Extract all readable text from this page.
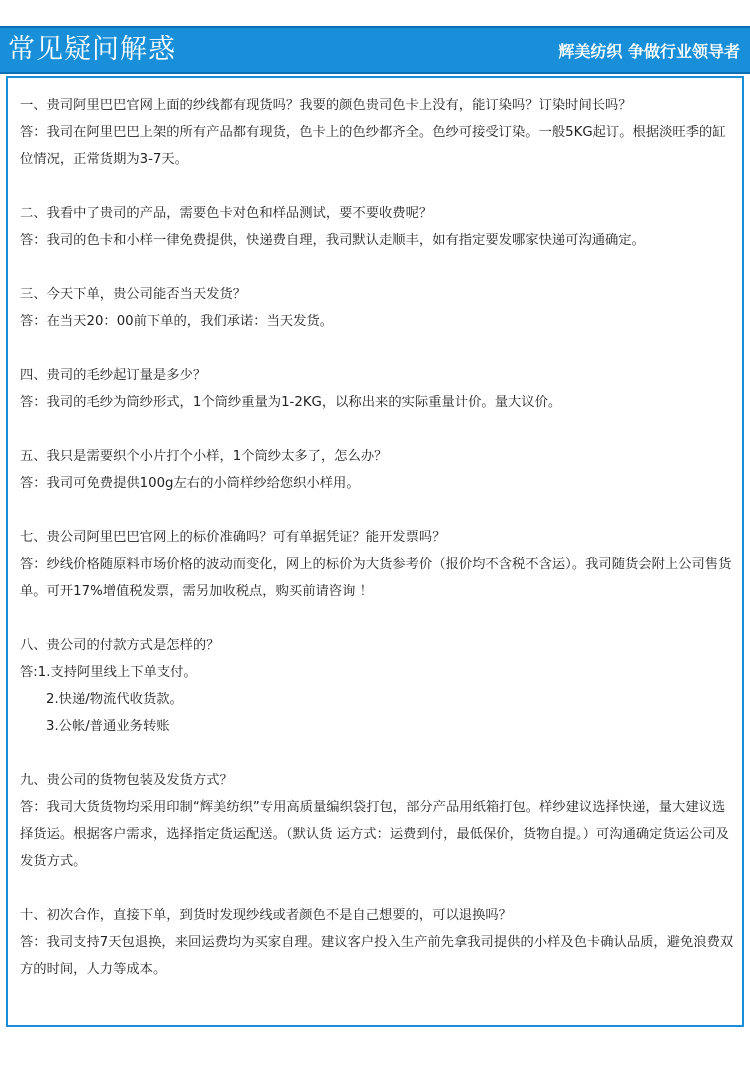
常见疑问解惑	辉美纺织 争做行业领导者

一、贵司阿里巴巴官网上面的纱线都有现货吗？我要的颜色贵司色卡上没有，能订染吗？订染时间长吗？

答：我司在阿里巴巴上架的所有产品都有现货，色卡上的色纱都齐全。色纱可接受订染。一般5KG起订。根据淡旺季的缸位情况，正常货期为3-7天。

二、我看中了贵司的产品，需要色卡对色和样品测试，要不要收费呢？

答：我司的色卡和小样一律免费提供，快递费自理，我司默认走顺丰，如有指定要发哪家快递可沟通确定。

三、今天下单，贵公司能否当天发货？

答：在当天20：00前下单的，我们承诺：当天发货。

四、贵司的毛纱起订量是多少？

答：我司的毛纱为筒纱形式，1个筒纱重量为1-2KG，以称出来的实际重量计价。量大议价。

五、我只是需要织个小片打个小样，1个筒纱太多了，怎么办？

答：我司可免费提供100g左右的小筒样纱给您织小样用。

七、贵公司阿里巴巴官网上的标价准确吗？可有单据凭证？能开发票吗？

答：纱线价格随原料市场价格的波动而变化，网上的标价为大货参考价（报价均不含税不含运）。我司随货会附上公司售货单。可开17%增值税发票，需另加收税点，购买前请咨询 ！

八、贵公司的付款方式是怎样的？

答:1.支持阿里线上下单支付。

2.快递/物流代收货款。

3.公帐/普通业务转账

九、贵公司的货物包装及发货方式？

答：我司大货货物均采用印制“辉美纺织”专用高质量编织袋打包，部分产品用纸箱打包。样纱建议选择快递，量大建议选择货运。根据客户需求，选择指定货运配送。（默认货 运方式：运费到付，最低保价，货物自提。）可沟通确定货运公司及发货方式。

十、初次合作，直接下单，到货时发现纱线或者颜色不是自己想要的，可以退换吗？

答：我司支持7天包退换，来回运费均为买家自理。建议客户投入生产前先拿我司提供的小样及色卡确认品质，避免浪费双方的时间，人力等成本。
